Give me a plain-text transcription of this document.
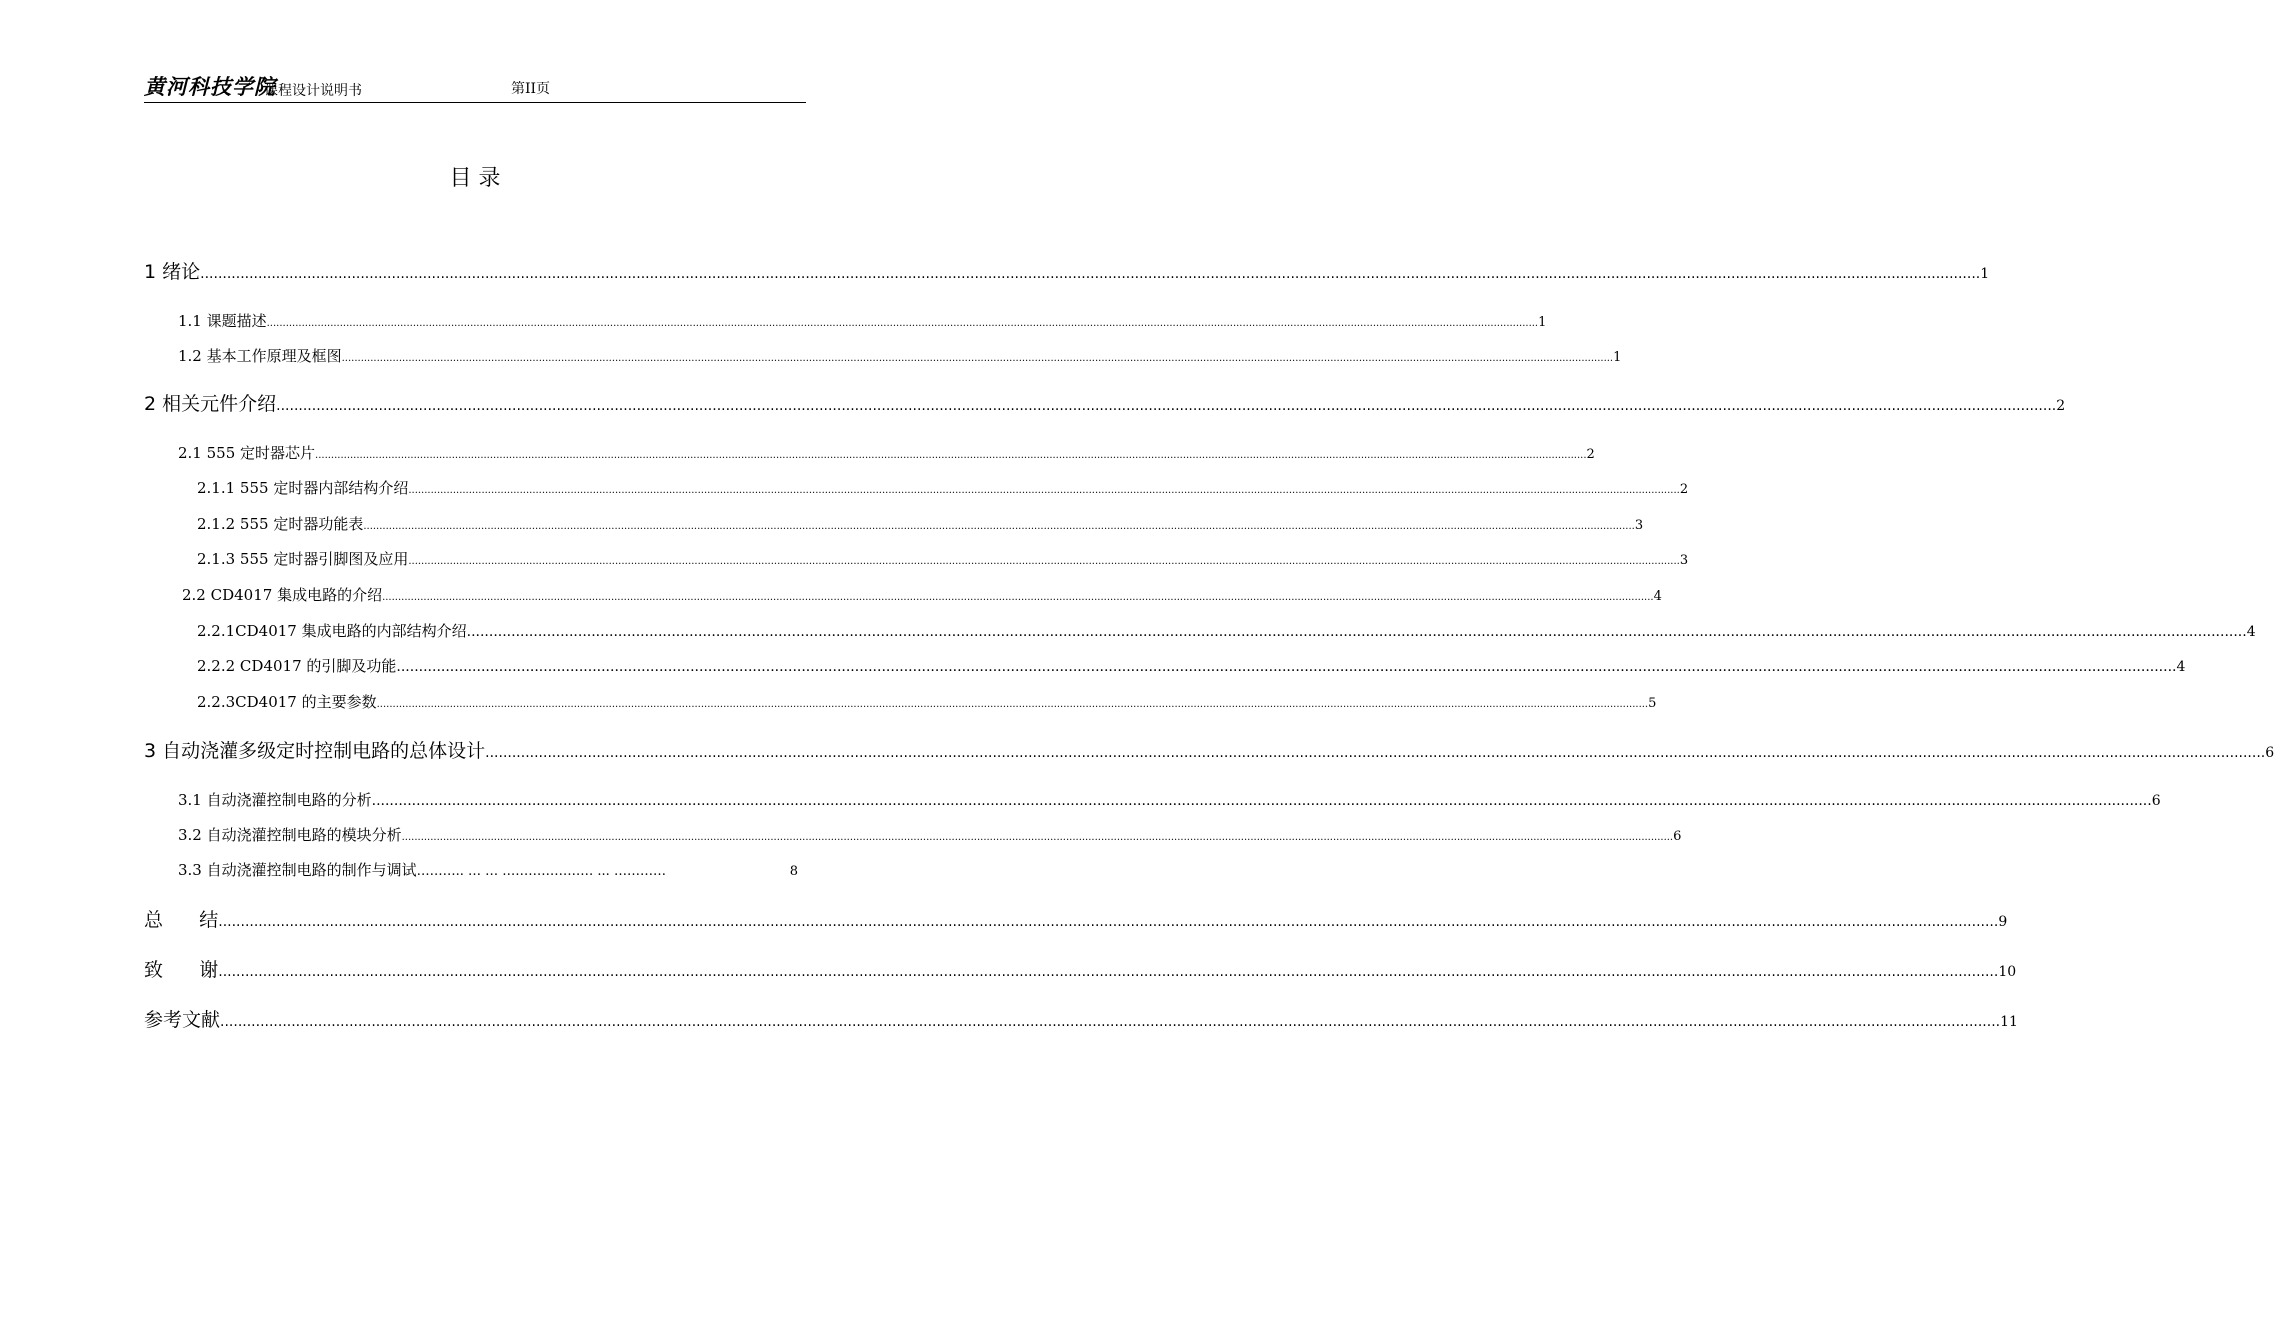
黄河科技学院
课程设计说明书	第II页
目 录
1 绪论 ................................................................................................................................................................................................................................................................................................................................................................................................................ 1
1.1 课题描述 ................................................................................................................................................................................................................................................................................................................................................................................................................ 1
1.2 基本工作原理及框图 ................................................................................................................................................................................................................................................................................................................................................................................................................ 1
2 相关元件介绍 ................................................................................................................................................................................................................................................................................................................................................................................................................ 2
2.1 555 定时器芯片 ................................................................................................................................................................................................................................................................................................................................................................................................................ 2
2.1.1 555 定时器内部结构介绍 ................................................................................................................................................................................................................................................................................................................................................................................................................ 2
2.1.2 555 定时器功能表 ................................................................................................................................................................................................................................................................................................................................................................................................................ 3
2.1.3 555 定时器引脚图及应用 ................................................................................................................................................................................................................................................................................................................................................................................................................ 3
2.2 CD4017 集成电路的介绍 ................................................................................................................................................................................................................................................................................................................................................................................................................ 4
2.2.1CD4017 集成电路的内部结构介绍 ................................................................................................................................................................................................................................................................................................................................................................................................................ 4
2.2.2 CD4017 的引脚及功能 ................................................................................................................................................................................................................................................................................................................................................................................................................ 4
2.2.3CD4017 的主要参数 ................................................................................................................................................................................................................................................................................................................................................................................................................ 5
3 自动浇灌多级定时控制电路的总体设计 ................................................................................................................................................................................................................................................................................................................................................................................................................ 6
3.1 自动浇灌控制电路的分析 ................................................................................................................................................................................................................................................................................................................................................................................................................ 6
3.2 自动浇灌控制电路的模块分析 ................................................................................................................................................................................................................................................................................................................................................................................................................ 6
3.3 自动浇灌控制电路的制作与调试 ……….. … … ………………… ... …………	8
总      结 ................................................................................................................................................................................................................................................................................................................................................................................................................ 9
致      谢 ................................................................................................................................................................................................................................................................................................................................................................................................................ 10
参考文献 ................................................................................................................................................................................................................................................................................................................................................................................................................ 11
